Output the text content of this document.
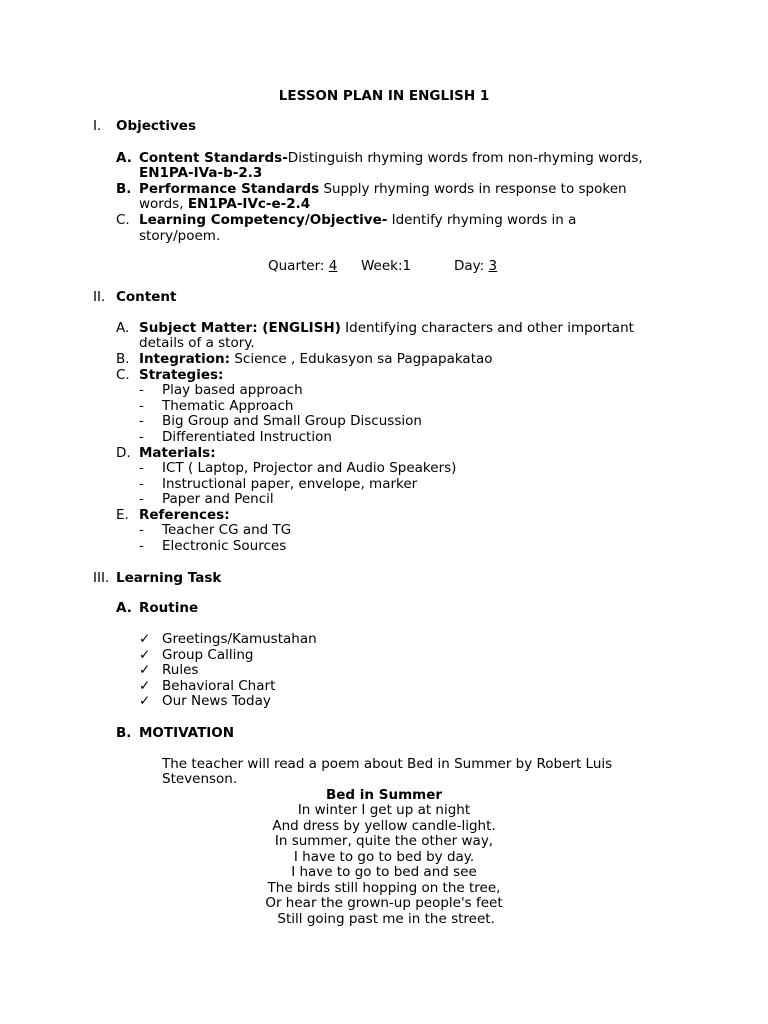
LESSON PLAN IN ENGLISH 1
I. Objectives
A. Content Standards-Distinguish rhyming words from non-rhyming words,
EN1PA-IVa-b-2.3
B. Performance Standards Supply rhyming words in response to spoken
words, EN1PA-IVc-e-2.4
C. Learning Competency/Objective- Identify rhyming words in a
story/poem.
Quarter: 4 Week:1	Day: 3
II. Content
A. Subject Matter: (ENGLISH) Identifying characters and other important
details of a story.
B. Integration: Science , Edukasyon sa Pagpapakatao
C. Strategies:
- Play based approach
- Thematic Approach
- Big Group and Small Group Discussion
- Differentiated Instruction
D. Materials:
- ICT ( Laptop, Projector and Audio Speakers)
- Instructional paper, envelope, marker
- Paper and Pencil
E. References:
- Teacher CG and TG
- Electronic Sources
III. Learning Task
A. Routine
✓ Greetings/Kamustahan
✓ Group Calling
✓ Rules
✓ Behavioral Chart
✓ Our News Today
B. MOTIVATION
The teacher will read a poem about Bed in Summer by Robert Luis
Stevenson.
Bed in Summer
In winter I get up at night
And dress by yellow candle-light.
In summer, quite the other way,
I have to go to bed by day.
I have to go to bed and see
The birds still hopping on the tree,
Or hear the grown-up people's feet
Still going past me in the street.
